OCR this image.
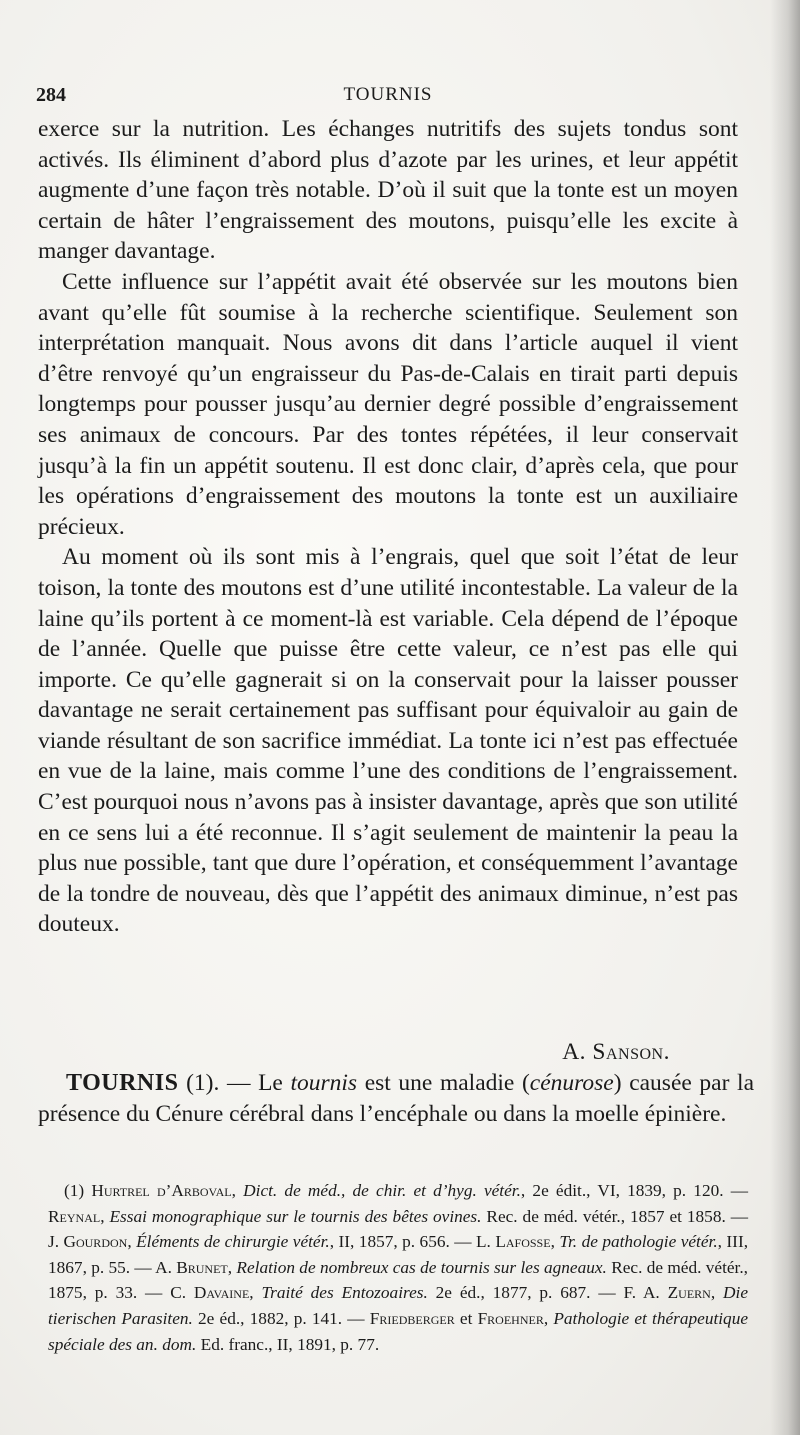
284	TOURNIS

exerce sur la nutrition. Les échanges nutritifs des sujets tondus sont activés. Ils éliminent d’abord plus d’azote par les urines, et leur appétit augmente d’une façon très notable. D’où il suit que la tonte est un moyen certain de hâter l’engraissement des moutons, puisqu’elle les excite à manger davantage.

Cette influence sur l’appétit avait été observée sur les moutons bien avant qu’elle fût soumise à la recherche scientifique. Seulement son interprétation manquait. Nous avons dit dans l’article auquel il vient d’être renvoyé qu’un engraisseur du Pas-de-Calais en tirait parti depuis longtemps pour pousser jusqu’au dernier degré possible d’engraissement ses animaux de concours. Par des tontes répétées, il leur conservait jusqu’à la fin un appétit soutenu. Il est donc clair, d’après cela, que pour les opérations d’engraissement des moutons la tonte est un auxiliaire précieux.

Au moment où ils sont mis à l’engrais, quel que soit l’état de leur toison, la tonte des moutons est d’une utilité incontestable. La valeur de la laine qu’ils portent à ce moment-là est variable. Cela dépend de l’époque de l’année. Quelle que puisse être cette valeur, ce n’est pas elle qui importe. Ce qu’elle gagnerait si on la conservait pour la laisser pousser davantage ne serait certainement pas suffisant pour équivaloir au gain de viande résultant de son sacrifice immédiat. La tonte ici n’est pas effectuée en vue de la laine, mais comme l’une des conditions de l’engraissement. C’est pourquoi nous n’avons pas à insister davantage, après que son utilité en ce sens lui a été reconnue. Il s’agit seulement de maintenir la peau la plus nue possible, tant que dure l’opération, et conséquemment l’avantage de la tondre de nouveau, dès que l’appétit des animaux diminue, n’est pas douteux.

A. Sanson.

TOURNIS (1). — Le tournis est une maladie (cénurose) causée par la présence du Cénure cérébral dans l’encéphale ou dans la moelle épinière.

(1) Hurtrel d’Arboval, Dict. de méd., de chir. et d’hyg. vétér., 2e édit., VI, 1839, p. 120. — Reynal, Essai monographique sur le tournis des bêtes ovines. Rec. de méd. vétér., 1857 et 1858. — J. Gourdon, Éléments de chirurgie vétér., II, 1857, p. 656. — L. Lafosse, Tr. de pathologie vétér., III, 1867, p. 55. — A. Brunet, Relation de nombreux cas de tournis sur les agneaux. Rec. de méd. vétér., 1875, p. 33. — C. Davaine, Traité des Entozoaires. 2e éd., 1877, p. 687. — F. A. Zuern, Die tierischen Parasiten. 2e éd., 1882, p. 141. — Friedberger et Froehner, Pathologie et thérapeutique spéciale des an. dom. Ed. franc., II, 1891, p. 77.
